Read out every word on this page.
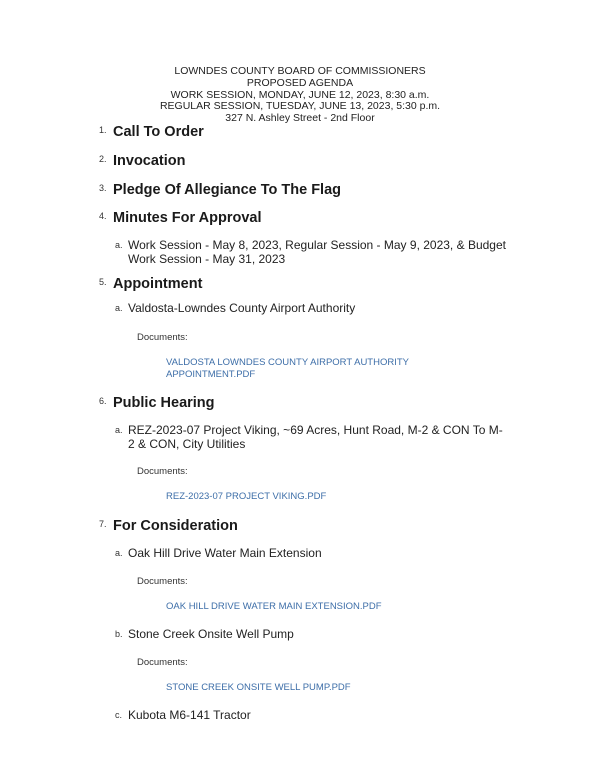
LOWNDES COUNTY BOARD OF COMMISSIONERS
PROPOSED AGENDA
WORK SESSION, MONDAY, JUNE 12, 2023, 8:30 a.m.
REGULAR SESSION, TUESDAY, JUNE 13, 2023, 5:30 p.m.
327 N. Ashley Street - 2nd Floor
1. Call To Order
2. Invocation
3. Pledge Of Allegiance To The Flag
4. Minutes For Approval
a. Work Session - May 8, 2023, Regular Session - May 9, 2023, & Budget Work Session - May 31, 2023
5. Appointment
a. Valdosta-Lowndes County Airport Authority
Documents:
VALDOSTA LOWNDES COUNTY AIRPORT AUTHORITY APPOINTMENT.PDF
6. Public Hearing
a. REZ-2023-07 Project Viking, ~69 Acres, Hunt Road, M-2 & CON To M-2 & CON, City Utilities
Documents:
REZ-2023-07 PROJECT VIKING.PDF
7. For Consideration
a. Oak Hill Drive Water Main Extension
Documents:
OAK HILL DRIVE WATER MAIN EXTENSION.PDF
b. Stone Creek Onsite Well Pump
Documents:
STONE CREEK ONSITE WELL PUMP.PDF
c. Kubota M6-141 Tractor
